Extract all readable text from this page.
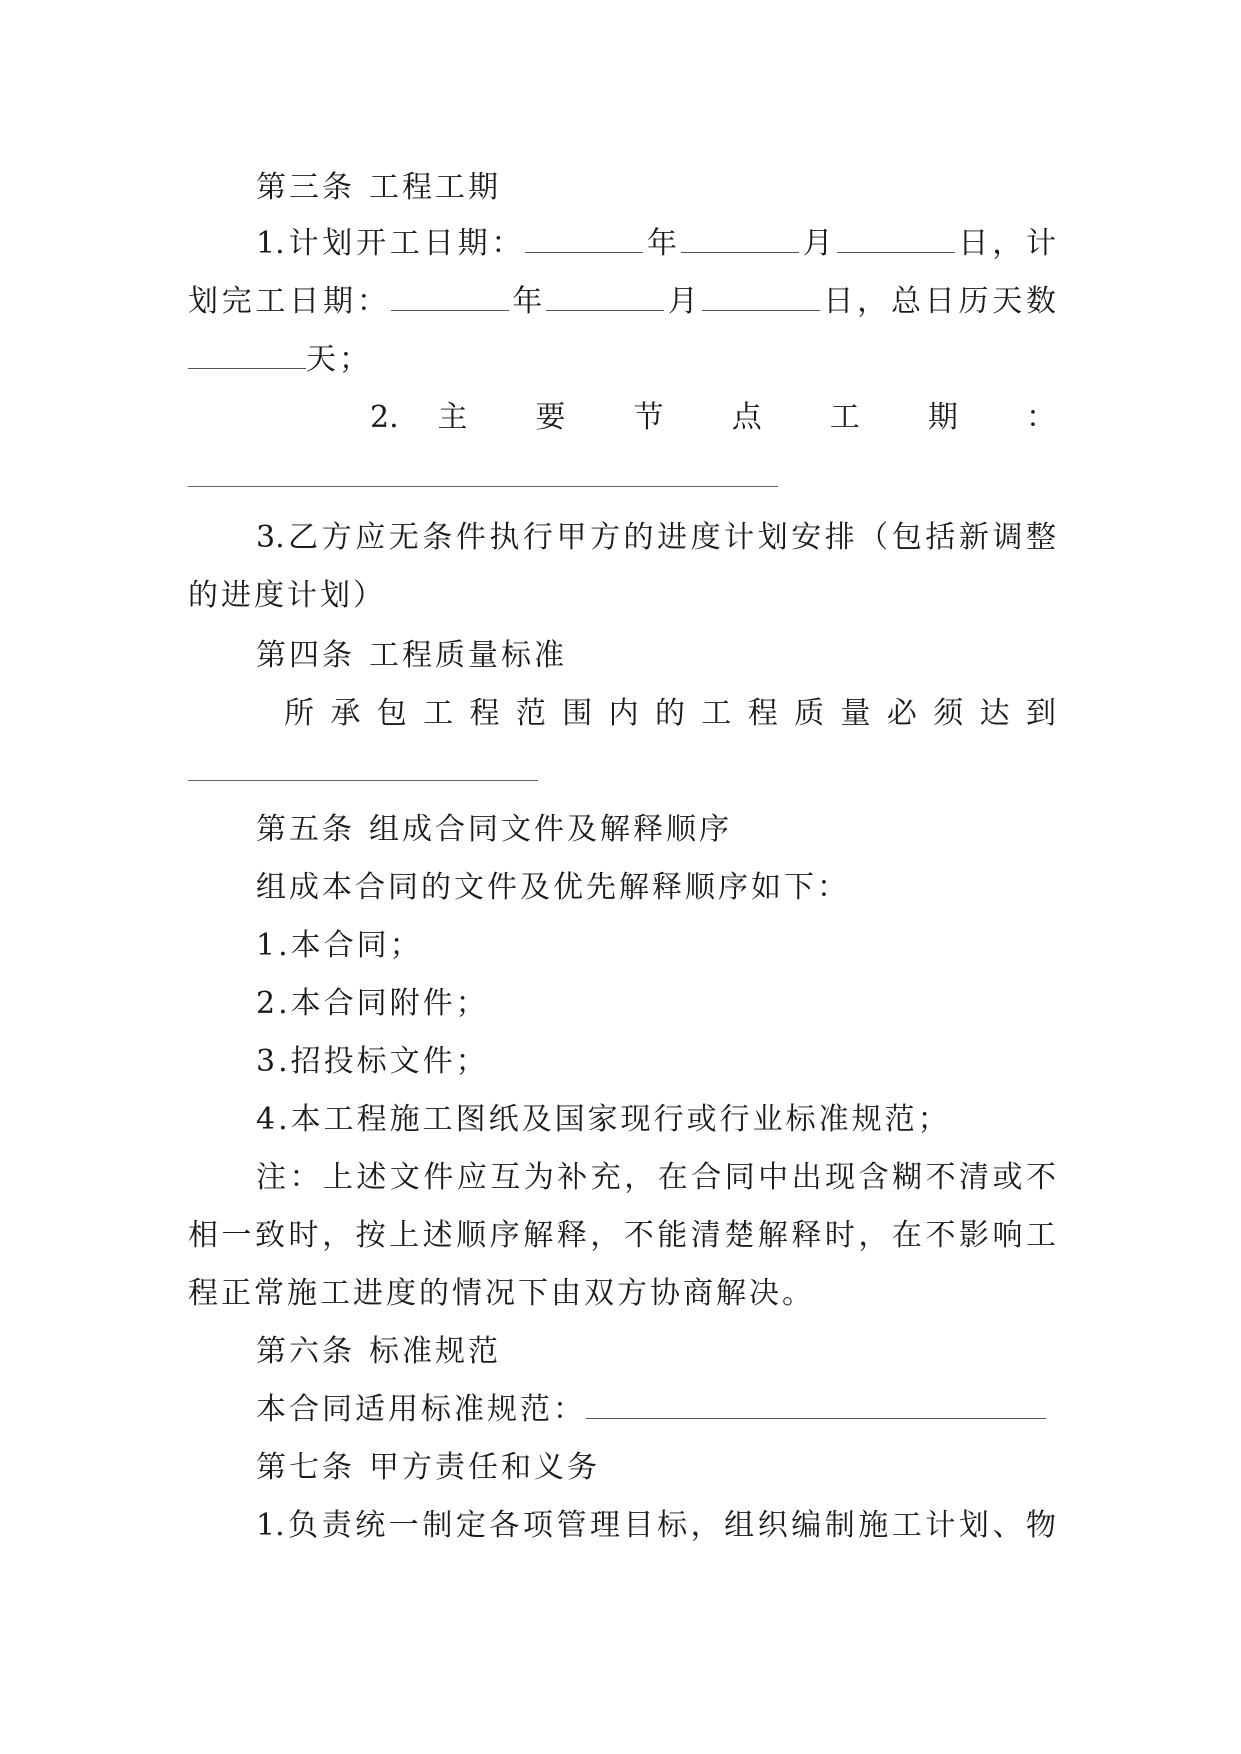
第三条 工程工期
1.计划开工日期：	年	月	日，计
划完工日期：	年	月	日，总日历天数
天；
2. 主 要 节 点 工 期 ：
3.乙方应无条件执行甲方的进度计划安排（包括新调整
的进度计划）
第四条 工程质量标准
所 承 包 工 程 范 围 内 的 工 程 质 量 必 须 达 到
第五条 组成合同文件及解释顺序
组成本合同的文件及优先解释顺序如下：
1.本合同；
2.本合同附件；
3.招投标文件；
4.本工程施工图纸及国家现行或行业标准规范；
注：上述文件应互为补充，在合同中出现含糊不清或不
相一致时，按上述顺序解释，不能清楚解释时，在不影响工
程正常施工进度的情况下由双方协商解决。
第六条 标准规范
本合同适用标准规范：
第七条 甲方责任和义务
1.负责统一制定各项管理目标，组织编制施工计划、物
